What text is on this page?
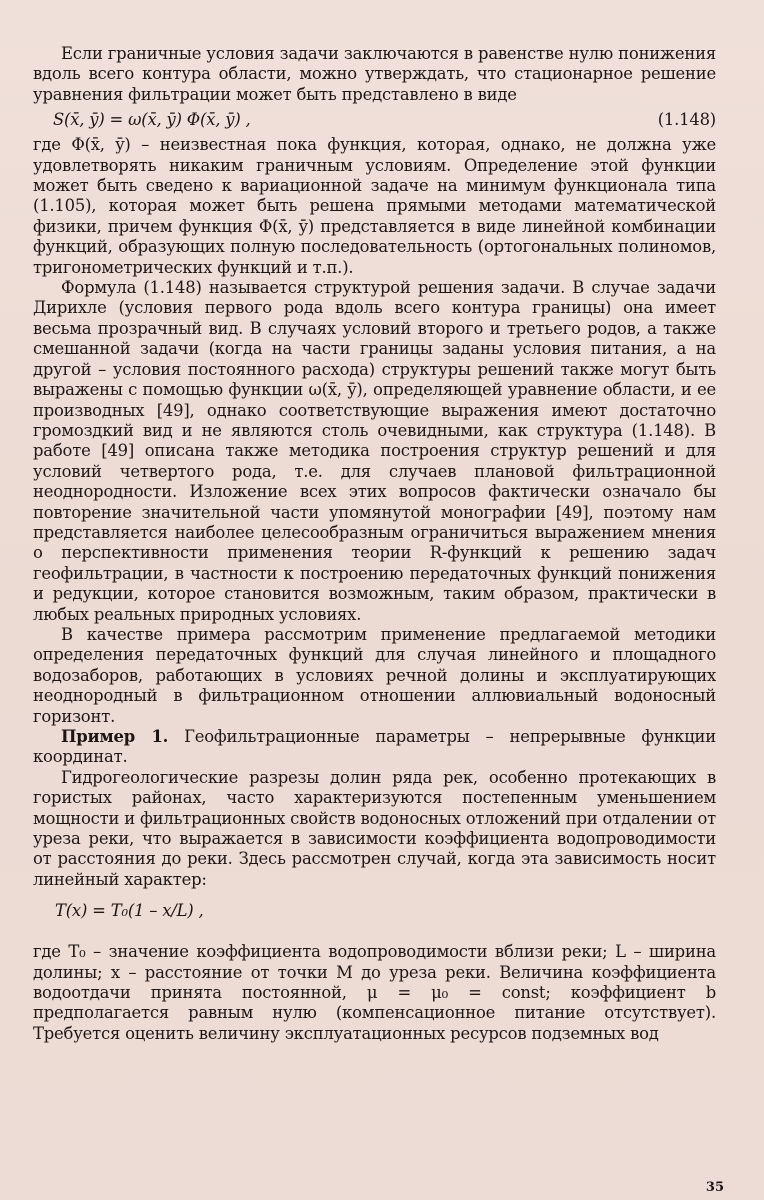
Если граничные условия задачи заключаются в равенстве нулю понижения вдоль всего контура области, можно утверждать, что стационарное решение уравнения фильтрации может быть представлено в виде

S(x̄, ȳ) = ω(x̄, ȳ) Φ(x̄, ȳ) ,	(1.148)

где Φ(x̄, ȳ) – неизвестная пока функция, которая, однако, не должна уже удовлетворять никаким граничным условиям. Определение этой функции может быть сведено к вариационной задаче на минимум функционала типа (1.105), которая может быть решена прямыми методами математической физики, причем функция Φ(x̄, ȳ) представляется в виде линейной комбинации функций, образующих полную последовательность (ортогональных полиномов, тригонометрических функций и т.п.).

Формула (1.148) называется структурой решения задачи. В случае задачи Дирихле (условия первого рода вдоль всего контура границы) она имеет весьма прозрачный вид. В случаях условий второго и третьего родов, а также смешанной задачи (когда на части границы заданы условия питания, а на другой – условия постоянного расхода) структуры решений также могут быть выражены с помощью функции ω(x̄, ȳ), определяющей уравнение области, и ее производных [49], однако соответствующие выражения имеют достаточно громоздкий вид и не являются столь очевидными, как структура (1.148). В работе [49] описана также методика построения структур решений и для условий четвертого рода, т.е. для случаев плановой фильтрационной неоднородности. Изложение всех этих вопросов фактически означало бы повторение значительной части упомянутой монографии [49], поэтому нам представляется наиболее целесообразным ограничиться выражением мнения о перспективности применения теории R-функций к решению задач геофильтрации, в частности к построению передаточных функций понижения и редукции, которое становится возможным, таким образом, практически в любых реальных природных условиях.

В качестве примера рассмотрим применение предлагаемой методики определения передаточных функций для случая линейного и площадного водозаборов, работающих в условиях речной долины и эксплуатирующих неоднородный в фильтрационном отношении аллювиальный водоносный горизонт.

Пример 1. Геофильтрационные параметры – непрерывные функции координат.

Гидрогеологические разрезы долин ряда рек, особенно протекающих в гористых районах, часто характеризуются постепенным уменьшением мощности и фильтрационных свойств водоносных отложений при отдалении от уреза реки, что выражается в зависимости коэффициента водопроводимости от расстояния до реки. Здесь рассмотрен случай, когда эта зависимость носит линейный характер:

T(x) = T₀(1 – x/L) ,

где T₀ – значение коэффициента водопроводимости вблизи реки; L – ширина долины; x – расстояние от точки M до уреза реки. Величина коэффициента водоотдачи принята постоянной, μ = μ₀ = const; коэффициент b предполагается равным нулю (компенсационное питание отсутствует). Требуется оценить величину эксплуатационных ресурсов подземных вод

35
